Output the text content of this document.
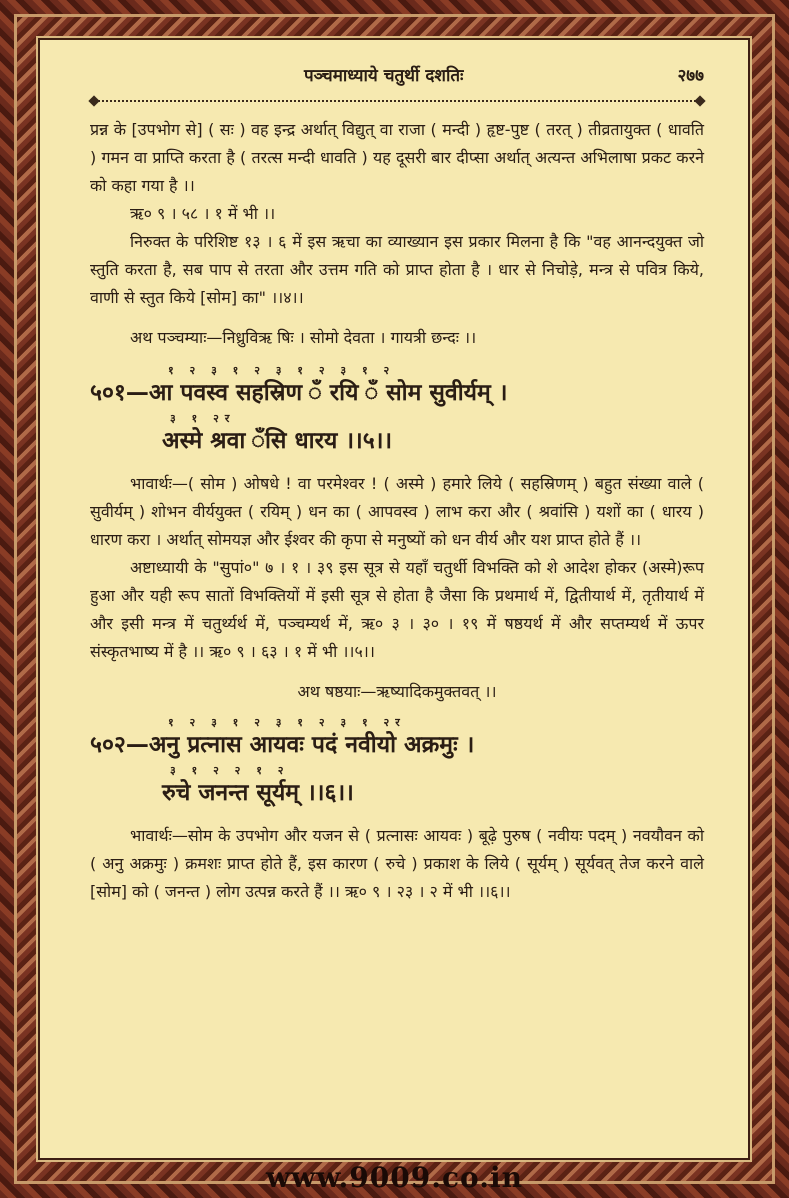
पञ्चमाध्याये चतुर्थी दशतिः	२७७

प्रन्न के [उपभोग से] ( सः ) वह इन्द्र अर्थात् विद्युत् वा राजा ( मन्दी ) हृष्ट-पुष्ट ( तरत् ) तीव्रतायुक्त ( धावति ) गमन वा प्राप्ति करता है ( तरत्स मन्दी धावति ) यह दूसरी बार दीप्सा अर्थात् अत्यन्त अभिलाषा प्रकट करने को कहा गया है ।।

ऋ० ९ । ५८ । १ में भी ।।

निरुक्त के परिशिष्ट १३ । ६ में इस ऋचा का व्याख्यान इस प्रकार मिलना है कि "वह आनन्दयुक्त जो स्तुति करता है, सब पाप से तरता और उत्तम गति को प्राप्त होता है । धार से निचोड़े, मन्त्र से पवित्र किये, वाणी से स्तुत किये [सोम] का" ।।४।।

अथ पञ्चम्याः—निध्रुविऋ षिः । सोमो देवता । गायत्री छन्दः ।।

१ २ ३ १ २ ३ १ २ ३ १ २
५०१—आ पवस्व सहस्रिण ँ रयि ँ सोम सुवीर्यम् ।
३ १ २र
अस्मे श्रवा ँसि धारय ।।५।।

भावार्थः—( सोम ) ओषधे ! वा परमेश्वर ! ( अस्मे ) हमारे लिये ( सहस्रिणम् ) बहुत संख्या वाले ( सुवीर्यम् ) शोभन वीर्ययुक्त ( रयिम् ) धन का ( आपवस्व ) लाभ करा और ( श्रवांसि ) यशों का ( धारय ) धारण करा । अर्थात् सोमयज्ञ और ईश्वर की कृपा से मनुष्यों को धन वीर्य और यश प्राप्त होते हैं ।।

अष्टाध्यायी के "सुपां०" ७ । १ । ३९ इस सूत्र से यहाँ चतुर्थी विभक्ति को शे आदेश होकर (अस्मे)रूप हुआ और यही रूप सातों विभक्तियों में इसी सूत्र से होता है जैसा कि प्रथमार्थ में, द्वितीयार्थ में, तृतीयार्थ में और इसी मन्त्र में चतुर्थ्यर्थ में, पञ्चम्यर्थ में, ऋ० ३ । ३० । १९ में षष्ठयर्थ में और सप्तम्यर्थ में ऊपर संस्कृतभाष्य में है ।। ऋ० ९ । ६३ । १ में भी ।।५।।

अथ षष्ठयाः—ऋष्यादिकमुक्तवत् ।।

१ २ ३ १ २ ३ १ २ ३ १ २र
५०२—अनु प्रत्नास आयवः पदं नवीयो अक्रमुः ।
३ १ २ २ १ २
रुचे जनन्त सूर्यम् ।।६।।

भावार्थः—सोम के उपभोग और यजन से ( प्रत्नासः आयवः ) बूढ़े पुरुष ( नवीयः पदम् ) नवयौवन को ( अनु अक्रमुः ) क्रमशः प्राप्त होते हैं, इस कारण ( रुचे ) प्रकाश के लिये ( सूर्यम् ) सूर्यवत् तेज करने वाले [सोम] को ( जनन्त ) लोग उत्पन्न करते हैं ।। ऋ० ९ । २३ । २ में भी ।।६।।

www.9009.co.in
